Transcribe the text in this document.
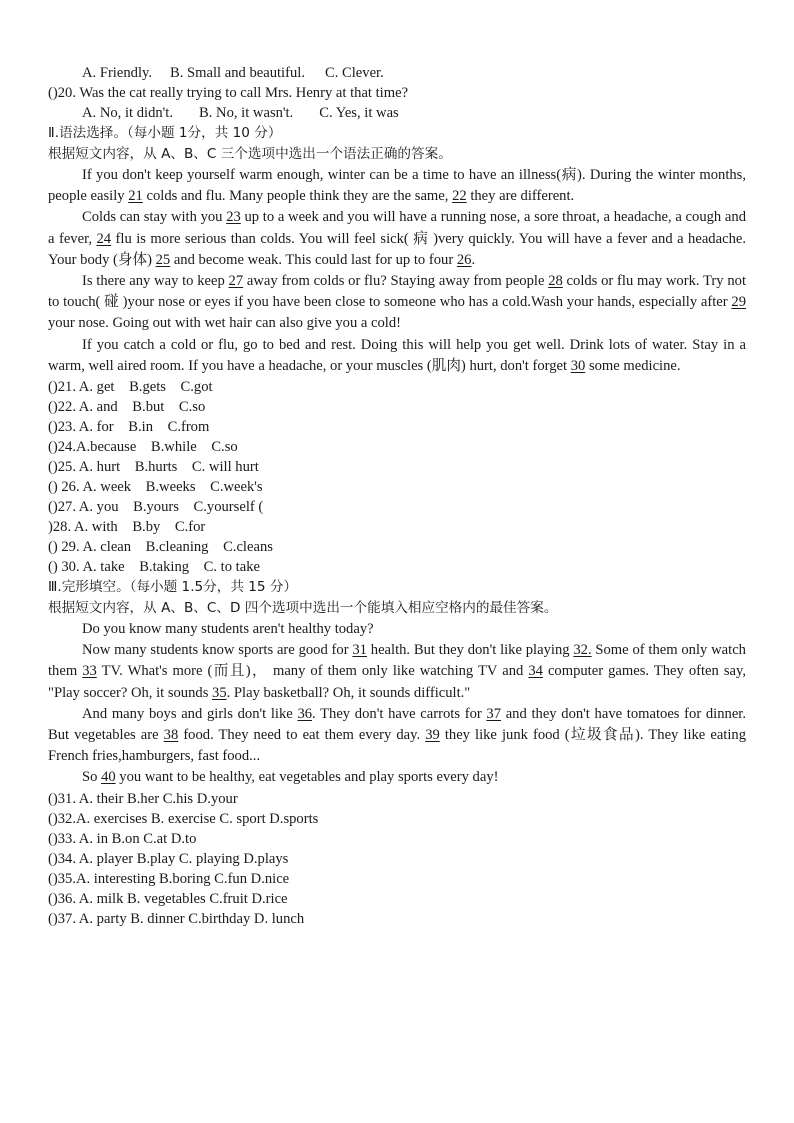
A. Friendly. B. Small and beautiful. C. Clever.
()20. Was the cat really trying to call Mrs. Henry at that time?
A. No, it didn't. B. No, it wasn't. C. Yes, it was
Ⅱ.语法选择。（每小题 1分，共 10 分）
根据短文内容，从 A、B、C 三个选项中选出一个语法正确的答案。

If you don't keep yourself warm enough, winter can be a time to have an illness(病). During the winter months, people easily 21 colds and flu. Many people think they are the same, 22 they are different.

Colds can stay with you 23 up to a week and you will have a running nose, a sore throat, a headache, a cough and a fever, 24 flu is more serious than colds. You will feel sick( 病 )very quickly. You will have a fever and a headache. Your body (身体) 25 and become weak. This could last for up to four 26.

Is there any way to keep 27 away from colds or flu? Staying away from people 28 colds or flu may work. Try not to touch( 碰 )your nose or eyes if you have been close to someone who has a cold.Wash your hands, especially after 29 your nose. Going out with wet hair can also give you a cold!

If you catch a cold or flu, go to bed and rest. Doing this will help you get well. Drink lots of water. Stay in a warm, well aired room. If you have a headache, or your muscles (肌肉) hurt, don't forget 30 some medicine.

()21. A. get    B.gets    C.got
()22. A. and    B.but    C.so
()23. A. for    B.in    C.from
()24.A.because    B.while    C.so
()25. A. hurt    B.hurts    C. will hurt
() 26. A. week    B.weeks    C.week's
()27. A. you    B.yours    C.yourself (
)28. A. with    B.by    C.for
() 29. A. clean    B.cleaning    C.cleans
() 30. A. take    B.taking    C. to take
Ⅲ.完形填空。（每小题 1.5分，共 15 分）
根据短文内容，从 A、B、C、D 四个选项中选出一个能填入相应空格内的最佳答案。

Do you know many students aren't healthy today?

Now many students know sports are good for 31 health. But they don't like playing 32. Some of them only watch them 33 TV. What's more (而且)， many of them only like watching TV and 34 computer games. They often say, "Play soccer? Oh, it sounds 35. Play basketball? Oh, it sounds difficult."

And many boys and girls don't like 36. They don't have carrots for 37 and they don't have tomatoes for dinner. But vegetables are 38 food. They need to eat them every day. 39 they like junk food (垃圾食品). They like eating French fries,hamburgers, fast food...

So 40 you want to be healthy, eat vegetables and play sports every day!

()31. A. their B.her C.his D.your
()32.A. exercises B. exercise C. sport D.sports
()33. A. in B.on C.at D.to
()34. A. player B.play C. playing D.plays
()35.A. interesting B.boring C.fun D.nice
()36. A. milk B. vegetables C.fruit D.rice
()37. A. party B. dinner C.birthday D. lunch
